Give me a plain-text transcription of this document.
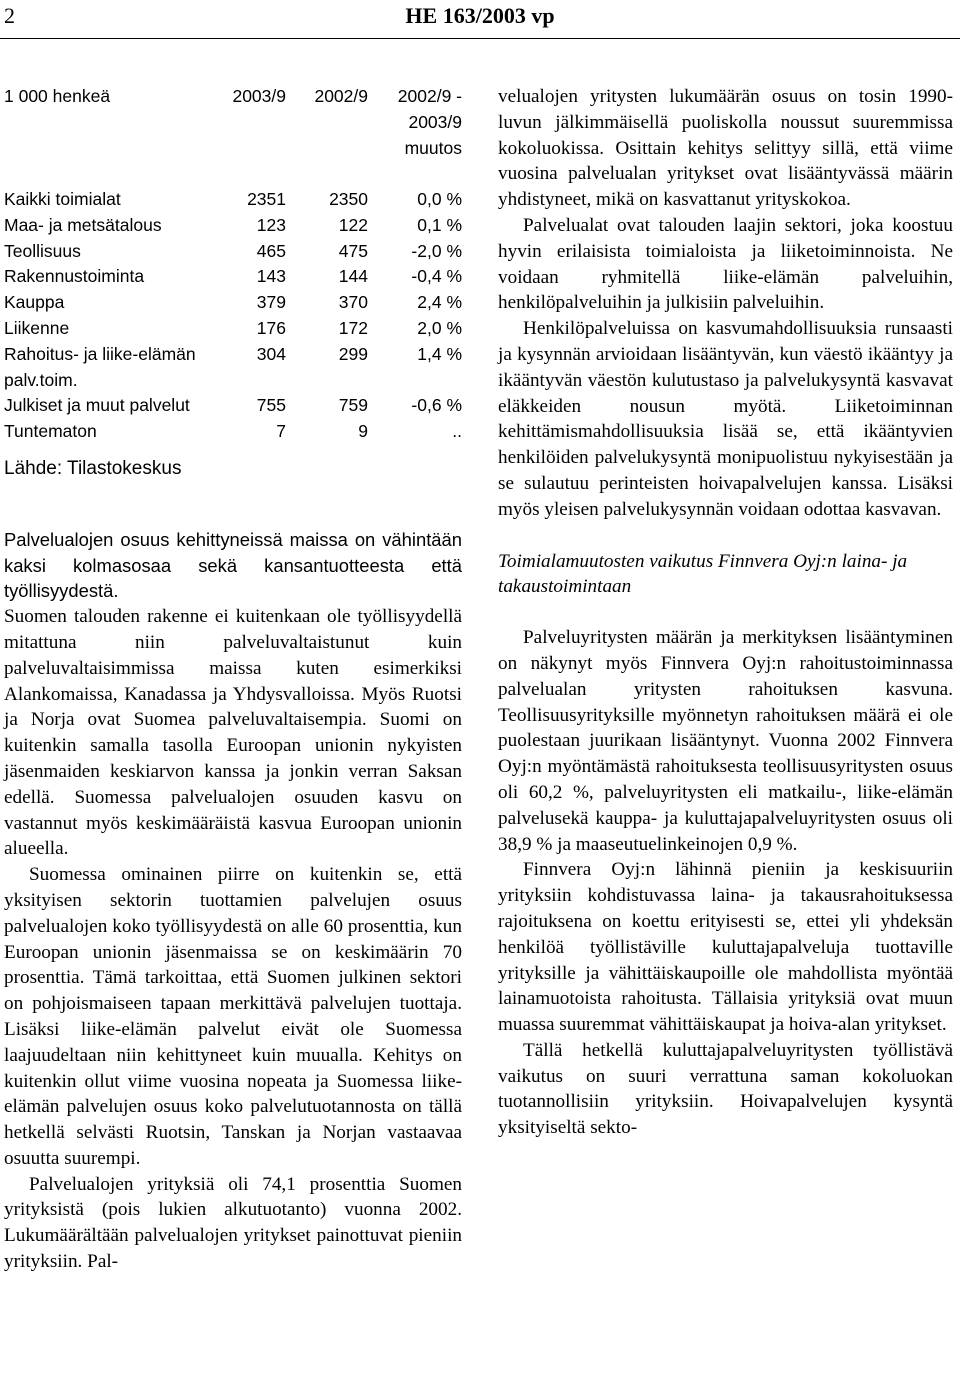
2	HE 163/2003 vp
1 000 henkeä	2003/9	2002/9	2002/9 - 2003/9 muutos
Kaikki toimialat	2351	2350	0,0 %
Maa- ja metsätalous	123	122	0,1 %
Teollisuus	465	475	-2,0 %
Rakennustoiminta	143	144	-0,4 %
Kauppa	379	370	2,4 %
Liikenne	176	172	2,0 %
Rahoitus- ja liike-elämän palv.toim.	304	299	1,4 %
Julkiset ja muut palvelut	755	759	-0,6 %
Tuntematon	7	9	..
Lähde: Tilastokeskus
Palvelualojen osuus kehittyneissä maissa on vähintään kaksi kolmasosaa sekä kansantuotteesta että työllisyydestä.

Suomen talouden rakenne ei kuitenkaan ole työllisyydellä mitattuna niin palveluvaltaistunut kuin palveluvaltaisimmissa maissa kuten esimerkiksi Alankomaissa, Kanadassa ja Yhdysvalloissa. Myös Ruotsi ja Norja ovat Suomea palveluvaltaisempia. Suomi on kuitenkin samalla tasolla Euroopan unionin nykyisten jäsenmaiden keskiarvon kanssa ja jonkin verran Saksan edellä. Suomessa palvelualojen osuuden kasvu on vastannut myös keskimääräistä kasvua Euroopan unionin alueella.

Suomessa ominainen piirre on kuitenkin se, että yksityisen sektorin tuottamien palvelujen osuus palvelualojen koko työllisyydestä on alle 60 prosenttia, kun Euroopan unionin jäsenmaissa se on keskimäärin 70 prosenttia. Tämä tarkoittaa, että Suomen julkinen sektori on pohjoismaiseen tapaan merkittävä palvelujen tuottaja. Lisäksi liike-elämän palvelut eivät ole Suomessa laajuudeltaan niin kehittyneet kuin muualla. Kehitys on kuitenkin ollut viime vuosina nopeata ja Suomessa liike-elämän palvelujen osuus koko palvelutuotannosta on tällä hetkellä selvästi Ruotsin, Tanskan ja Norjan vastaavaa osuutta suurempi.

Palvelualojen yrityksiä oli 74,1 prosenttia Suomen yrityksistä (pois lukien alkutuotanto) vuonna 2002. Lukumäärältään palvelualojen yritykset painottuvat pieniin yrityksiin. Pal-

velualojen yritysten lukumäärän osuus on tosin 1990-luvun jälkimmäisellä puoliskolla noussut suuremmissa kokoluokissa. Osittain kehitys selittyy sillä, että viime vuosina palvelualan yritykset ovat lisääntyvässä määrin yhdistyneet, mikä on kasvattanut yrityskokoa.

Palvelualat ovat talouden laajin sektori, joka koostuu hyvin erilaisista toimialoista ja liiketoiminnoista. Ne voidaan ryhmitellä liike-elämän palveluihin, henkilöpalveluihin ja julkisiin palveluihin.

Henkilöpalveluissa on kasvumahdollisuuksia runsaasti ja kysynnän arvioidaan lisääntyvän, kun väestö ikääntyy ja ikääntyvän väestön kulutustaso ja palvelukysyntä kasvavat eläkkeiden nousun myötä. Liiketoiminnan kehittämismahdollisuuksia lisää se, että ikääntyvien henkilöiden palvelukysyntä monipuolistuu nykyisestään ja se sulautuu perinteisten hoivapalvelujen kanssa. Lisäksi myös yleisen palvelukysynnän voidaan odottaa kasvavan.

Toimialamuutosten vaikutus Finnvera Oyj:n laina- ja takaustoimintaan

Palveluyritysten määrän ja merkityksen lisääntyminen on näkynyt myös Finnvera Oyj:n rahoitustoiminnassa palvelualan yritysten rahoituksen kasvuna. Teollisuusyrityksille myönnetyn rahoituksen määrä ei ole puolestaan juurikaan lisääntynyt. Vuonna 2002 Finnvera Oyj:n myöntämästä rahoituksesta teollisuusyritysten osuus oli 60,2 %, palveluyritysten eli matkailu-, liike-elämän palvelusekä kauppa- ja kuluttajapalveluyritysten osuus oli 38,9 % ja maaseutuelinkeinojen 0,9 %.

Finnvera Oyj:n lähinnä pieniin ja keskisuuriin yrityksiin kohdistuvassa laina- ja takausrahoituksessa rajoituksena on koettu erityisesti se, ettei yli yhdeksän henkilöä työllistäville kuluttajapalveluja tuottaville yrityksille ja vähittäiskaupoille ole mahdollista myöntää lainamuotoista rahoitusta. Tällaisia yrityksiä ovat muun muassa suuremmat vähittäiskaupat ja hoiva-alan yritykset.

Tällä hetkellä kuluttajapalveluyritysten työllistävä vaikutus on suuri verrattuna saman kokoluokan tuotannollisiin yrityksiin. Hoivapalvelujen kysyntä yksityiseltä sekto-
